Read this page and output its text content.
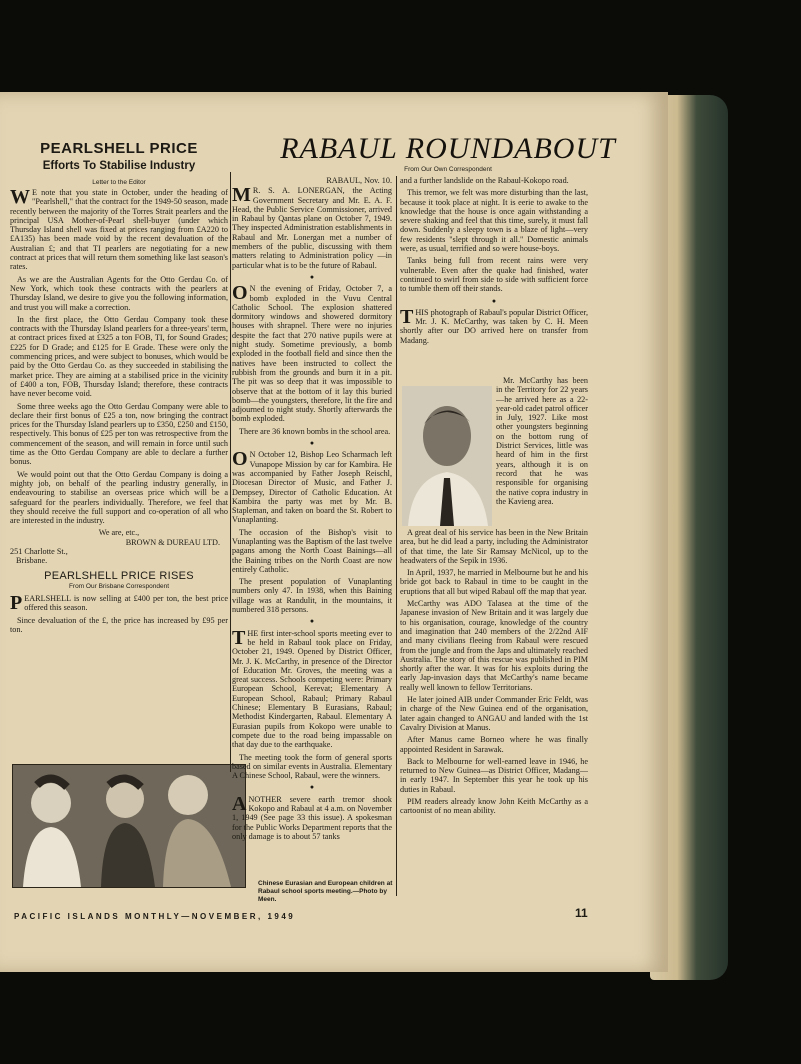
PEARLSHELL PRICE
Efforts To Stabilise Industry
Letter to the Editor

W E note that you state in October, under the heading of "Pearlshell," that the contract for the 1949-50 season, made recently between the majority of the Torres Strait pearlers and the principal USA Mother-of-Pearl shell-buyer (under which Thursday Island shell was fixed at prices ranging from £A220 to £A135) has been made void by the recent devaluation of the Australian £; and that TI pearlers are negotiating for a new contract at prices that will return them something like last season's rates.

As we are the Australian Agents for the Otto Gerdau Co. of New York, which took these contracts with the pearlers at Thursday Island, we desire to give you the following information, and trust you will make a correction.

In the first place, the Otto Gerdau Company took these contracts with the Thursday Island pearlers for a three-years' term, at contract prices fixed at £325 a ton FOB, TI, for Sound Grades; £225 for D Grade; and £125 for E Grade. These were only the commencing prices, and were subject to bonuses, which would be paid by the Otto Gerdau Co. as they succeeded in stabilising the market price. They are aiming at a stabilised price in the vicinity of £400 a ton, FOB, Thursday Island; therefore, these contracts have never become void.

Some three weeks ago the Otto Gerdau Company were able to declare their first bonus of £25 a ton, now bringing the contract prices for the Thursday Island pearlers up to £350, £250 and £150, respectively. This bonus of £25 per ton was retrospective from the commencement of the season, and will remain in force until such time as the Otto Gerdau Company are able to declare a further bonus.

We would point out that the Otto Gerdau Company is doing a mighty job, on behalf of the pearling industry generally, in endeavouring to stabilise an overseas price which will be a safeguard for the pearlers individually. Therefore, we feel that they should receive the full support and co-operation of all who are interested in the industry.

We are, etc.,
BROWN & DUREAU LTD.
251 Charlotte St.,
Brisbane.
PEARLSHELL PRICE RISES
From Our Brisbane Correspondent

PEARLSHELL is now selling at £400 per ton, the best price offered this season.

Since devaluation of the £, the price has increased by £95 per ton.

RABAUL ROUNDABOUT
From Our Own Correspondent
RABAUL, Nov. 10.

M R. S. A. LONERGAN, the Acting Government Secretary and Mr. E. A. F. Head, the Public Service Commissioner, arrived in Rabaul by Qantas plane on October 7, 1949. They inspected Administration establishments in Rabaul and Mr. Lonergan met a number of members of the public, discussing with them matters relating to Administration policy —in particular what is to be the future of Rabaul.

●

O N the evening of Friday, October 7, a bomb exploded in the Vuvu Central Catholic School. The explosion shattered dormitory windows and showered dormitory houses with shrapnel. There were no injuries despite the fact that 270 native pupils were at night study. Sometime previously, a bomb exploded in the football field and since then the natives have been instructed to collect the rubbish from the grounds and burn it in a pit. The pit was so deep that it was impossible to observe that at the bottom of it lay this buried bomb—the youngsters, therefore, lit the fire and adjourned to night study. Shortly afterwards the bomb exploded.

There are 36 known bombs in the school area.

●

O N October 12, Bishop Leo Scharmach left Vunapope Mission by car for Kambira. He was accompanied by Father Joseph Reischl, Diocesan Director of Music, and Father J. Dempsey, Director of Catholic Education. At Kambira the party was met by Mr. B. Stapleman, and taken on board the St. Robert to Vunaplanting.

The occasion of the Bishop's visit to Vunaplanting was the Baptism of the last twelve pagans among the North Coast Bainings—all the Baining tribes on the North Coast are now entirely Catholic.

The present population of Vunaplanting numbers only 47. In 1938, when this Baining village was at Randulit, in the mountains, it numbered 318 persons.

●

THE first inter-school sports meeting ever to be held in Rabaul took place on Friday, October 21, 1949. Opened by District Officer, Mr. J. K. McCarthy, in presence of the Director of Education Mr. Groves, the meeting was a great success. Schools competing were: Primary European School, Kerevat; Elementary A European School, Rabaul; Primary Rabaul Chinese; Elementary B Eurasians, Rabaul; Methodist Kindergarten, Rabaul. Elementary A Eurasian pupils from Kokopo were unable to compete due to the road being impassable on that day due to the earthquake.

The meeting took the form of general sports based on similar events in Australia. Elementary A Chinese School, Rabaul, were the winners.

●

ANOTHER severe earth tremor shook Kokopo and Rabaul at 4 a.m. on November 1, 1949 (See page 33 this issue). A spokesman for the Public Works Department reports that the only damage is to about 57 tanks

Chinese Eurasian and European children at Rabaul school sports meeting.—Photo by Meen.

and a further landslide on the Rabaul-Kokopo road.

This tremor, we felt was more disturbing than the last, because it took place at night. It is eerie to awake to the knowledge that the house is once again withstanding a severe shaking and feel that this time, surely, it must fall down. Suddenly a sleepy town is a blaze of light—very few residents "slept through it all." Domestic animals were, as usual, terrified and so were house-boys.

Tanks being full from recent rains were very vulnerable. Even after the quake had finished, water continued to swirl from side to side with sufficient force to tumble them off their stands.

●

THIS photograph of Rabaul's popular District Officer, Mr. J. K. McCarthy, was taken by C. H. Meen shortly after our DO arrived here on transfer from Madang.

Mr. McCarthy has been in the Territory for 22 years—he arrived here as a 22-year-old cadet patrol officer in July, 1927. Like most other youngsters beginning on the bottom rung of District Services, little was heard of him in the first years, although it is on record that he was responsible for organising the native copra industry in the Kavieng area.

A great deal of his service has been in the New Britain area, but he did lead a party, including the Administrator of that time, the late Sir Ramsay McNicol, up to the headwaters of the Sepik in 1936.

In April, 1937, he married in Melbourne but he and his bride got back to Rabaul in time to be caught in the eruptions that all but wiped Rabaul off the map that year.

McCarthy was ADO Talasea at the time of the Japanese invasion of New Britain and it was largely due to his organisation, courage, knowledge of the country and imagination that 240 members of the 2/22nd AIF and many civilians fleeing from Rabaul were rescued from the jungle and from the Japs and ultimately reached Australia. The story of this rescue was published in PIM shortly after the war. It was for his exploits during the early Jap-invasion days that McCarthy's name became really well known to fellow Territorians.

He later joined AIB under Commander Eric Feldt, was in charge of the New Guinea end of the organisation, later again changed to ANGAU and landed with the 1st Cavalry Division at Manus.

After Manus came Borneo where he was finally appointed Resident in Sarawak.

Back to Melbourne for well-earned leave in 1946, he returned to New Guinea—as District Officer, Madang—in early 1947. In September this year he took up his duties in Rabaul.

PIM readers already know John Keith McCarthy as a cartoonist of no mean ability.

PACIFIC ISLANDS MONTHLY—NOVEMBER, 1949	11
